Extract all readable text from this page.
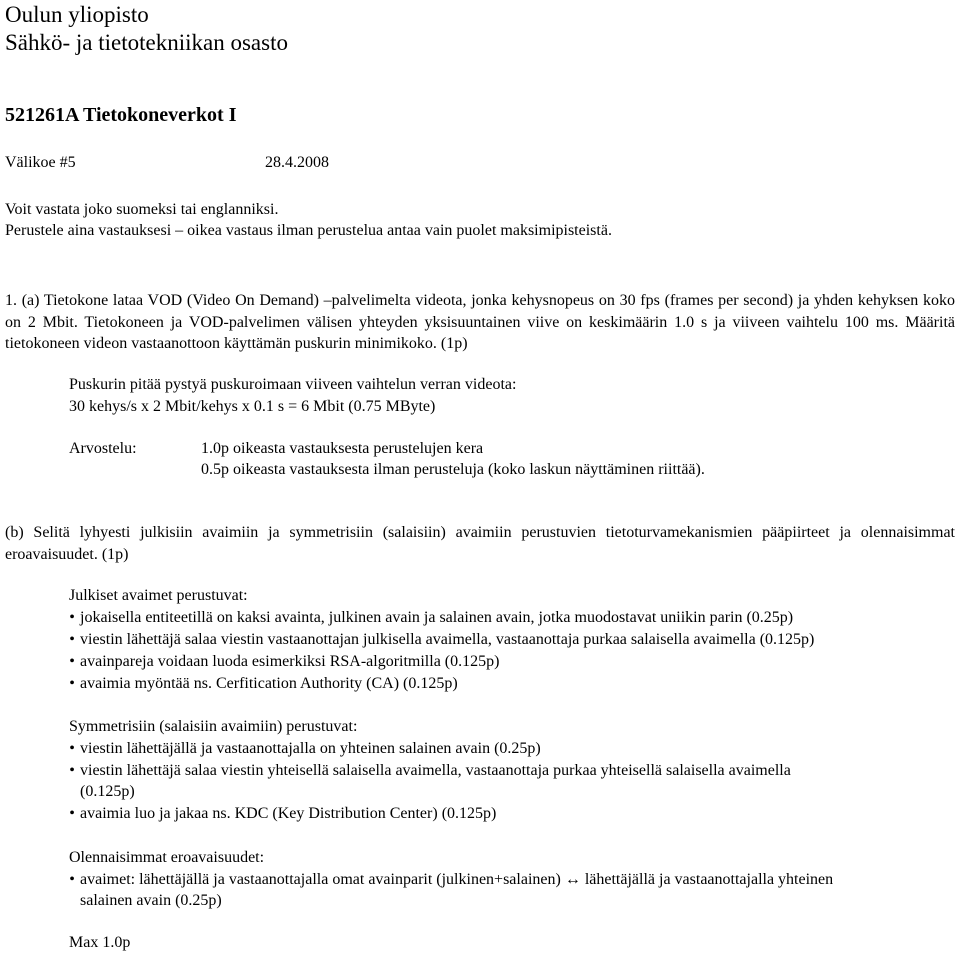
Oulun yliopisto
Sähkö- ja tietotekniikan osasto
521261A Tietokoneverkot I
Välikoe #5	28.4.2008
Voit vastata joko suomeksi tai englanniksi.
Perustele aina vastauksesi – oikea vastaus ilman perustelua antaa vain puolet maksimipisteistä.
1. (a) Tietokone lataa VOD (Video On Demand) –palvelimelta videota, jonka kehysnopeus on 30 fps (frames per second) ja yhden kehyksen koko on 2 Mbit. Tietokoneen ja VOD-palvelimen välisen yhteyden yksisuuntainen viive on keskimäärin 1.0 s ja viiveen vaihtelu 100 ms. Määritä tietokoneen videon vastaanottoon käyttämän puskurin minimikoko. (1p)
Puskurin pitää pystyä puskuroimaan viiveen vaihtelun verran videota:
30 kehys/s x 2 Mbit/kehys x 0.1 s = 6 Mbit (0.75 MByte)
Arvostelu:	1.0p oikeasta vastauksesta perustelujen kera
0.5p oikeasta vastauksesta ilman perusteluja (koko laskun näyttäminen riittää).
(b) Selitä lyhyesti julkisiin avaimiin ja symmetrisiin (salaisiin) avaimiin perustuvien tietoturvamekanismien pääpiirteet ja olennaisimmat eroavaisuudet. (1p)
Julkiset avaimet perustuvat:
• jokaisella entiteetillä on kaksi avainta, julkinen avain ja salainen avain, jotka muodostavat uniikin parin (0.25p)
• viestin lähettäjä salaa viestin vastaanottajan julkisella avaimella, vastaanottaja purkaa salaisella avaimella (0.125p)
• avainpareja voidaan luoda esimerkiksi RSA-algoritmilla (0.125p)
• avaimia myöntää ns. Cerfitication Authority (CA) (0.125p)
Symmetrisiin (salaisiin avaimiin) perustuvat:
• viestin lähettäjällä ja vastaanottajalla on yhteinen salainen avain (0.25p)
• viestin lähettäjä salaa viestin yhteisellä salaisella avaimella, vastaanottaja purkaa yhteisellä salaisella avaimella
(0.125p)
• avaimia luo ja jakaa ns. KDC (Key Distribution Center) (0.125p)
Olennaisimmat eroavaisuudet:
• avaimet: lähettäjällä ja vastaanottajalla omat avainparit (julkinen+salainen) ↔ lähettäjällä ja vastaanottajalla yhteinen
salainen avain (0.25p)
Max 1.0p
